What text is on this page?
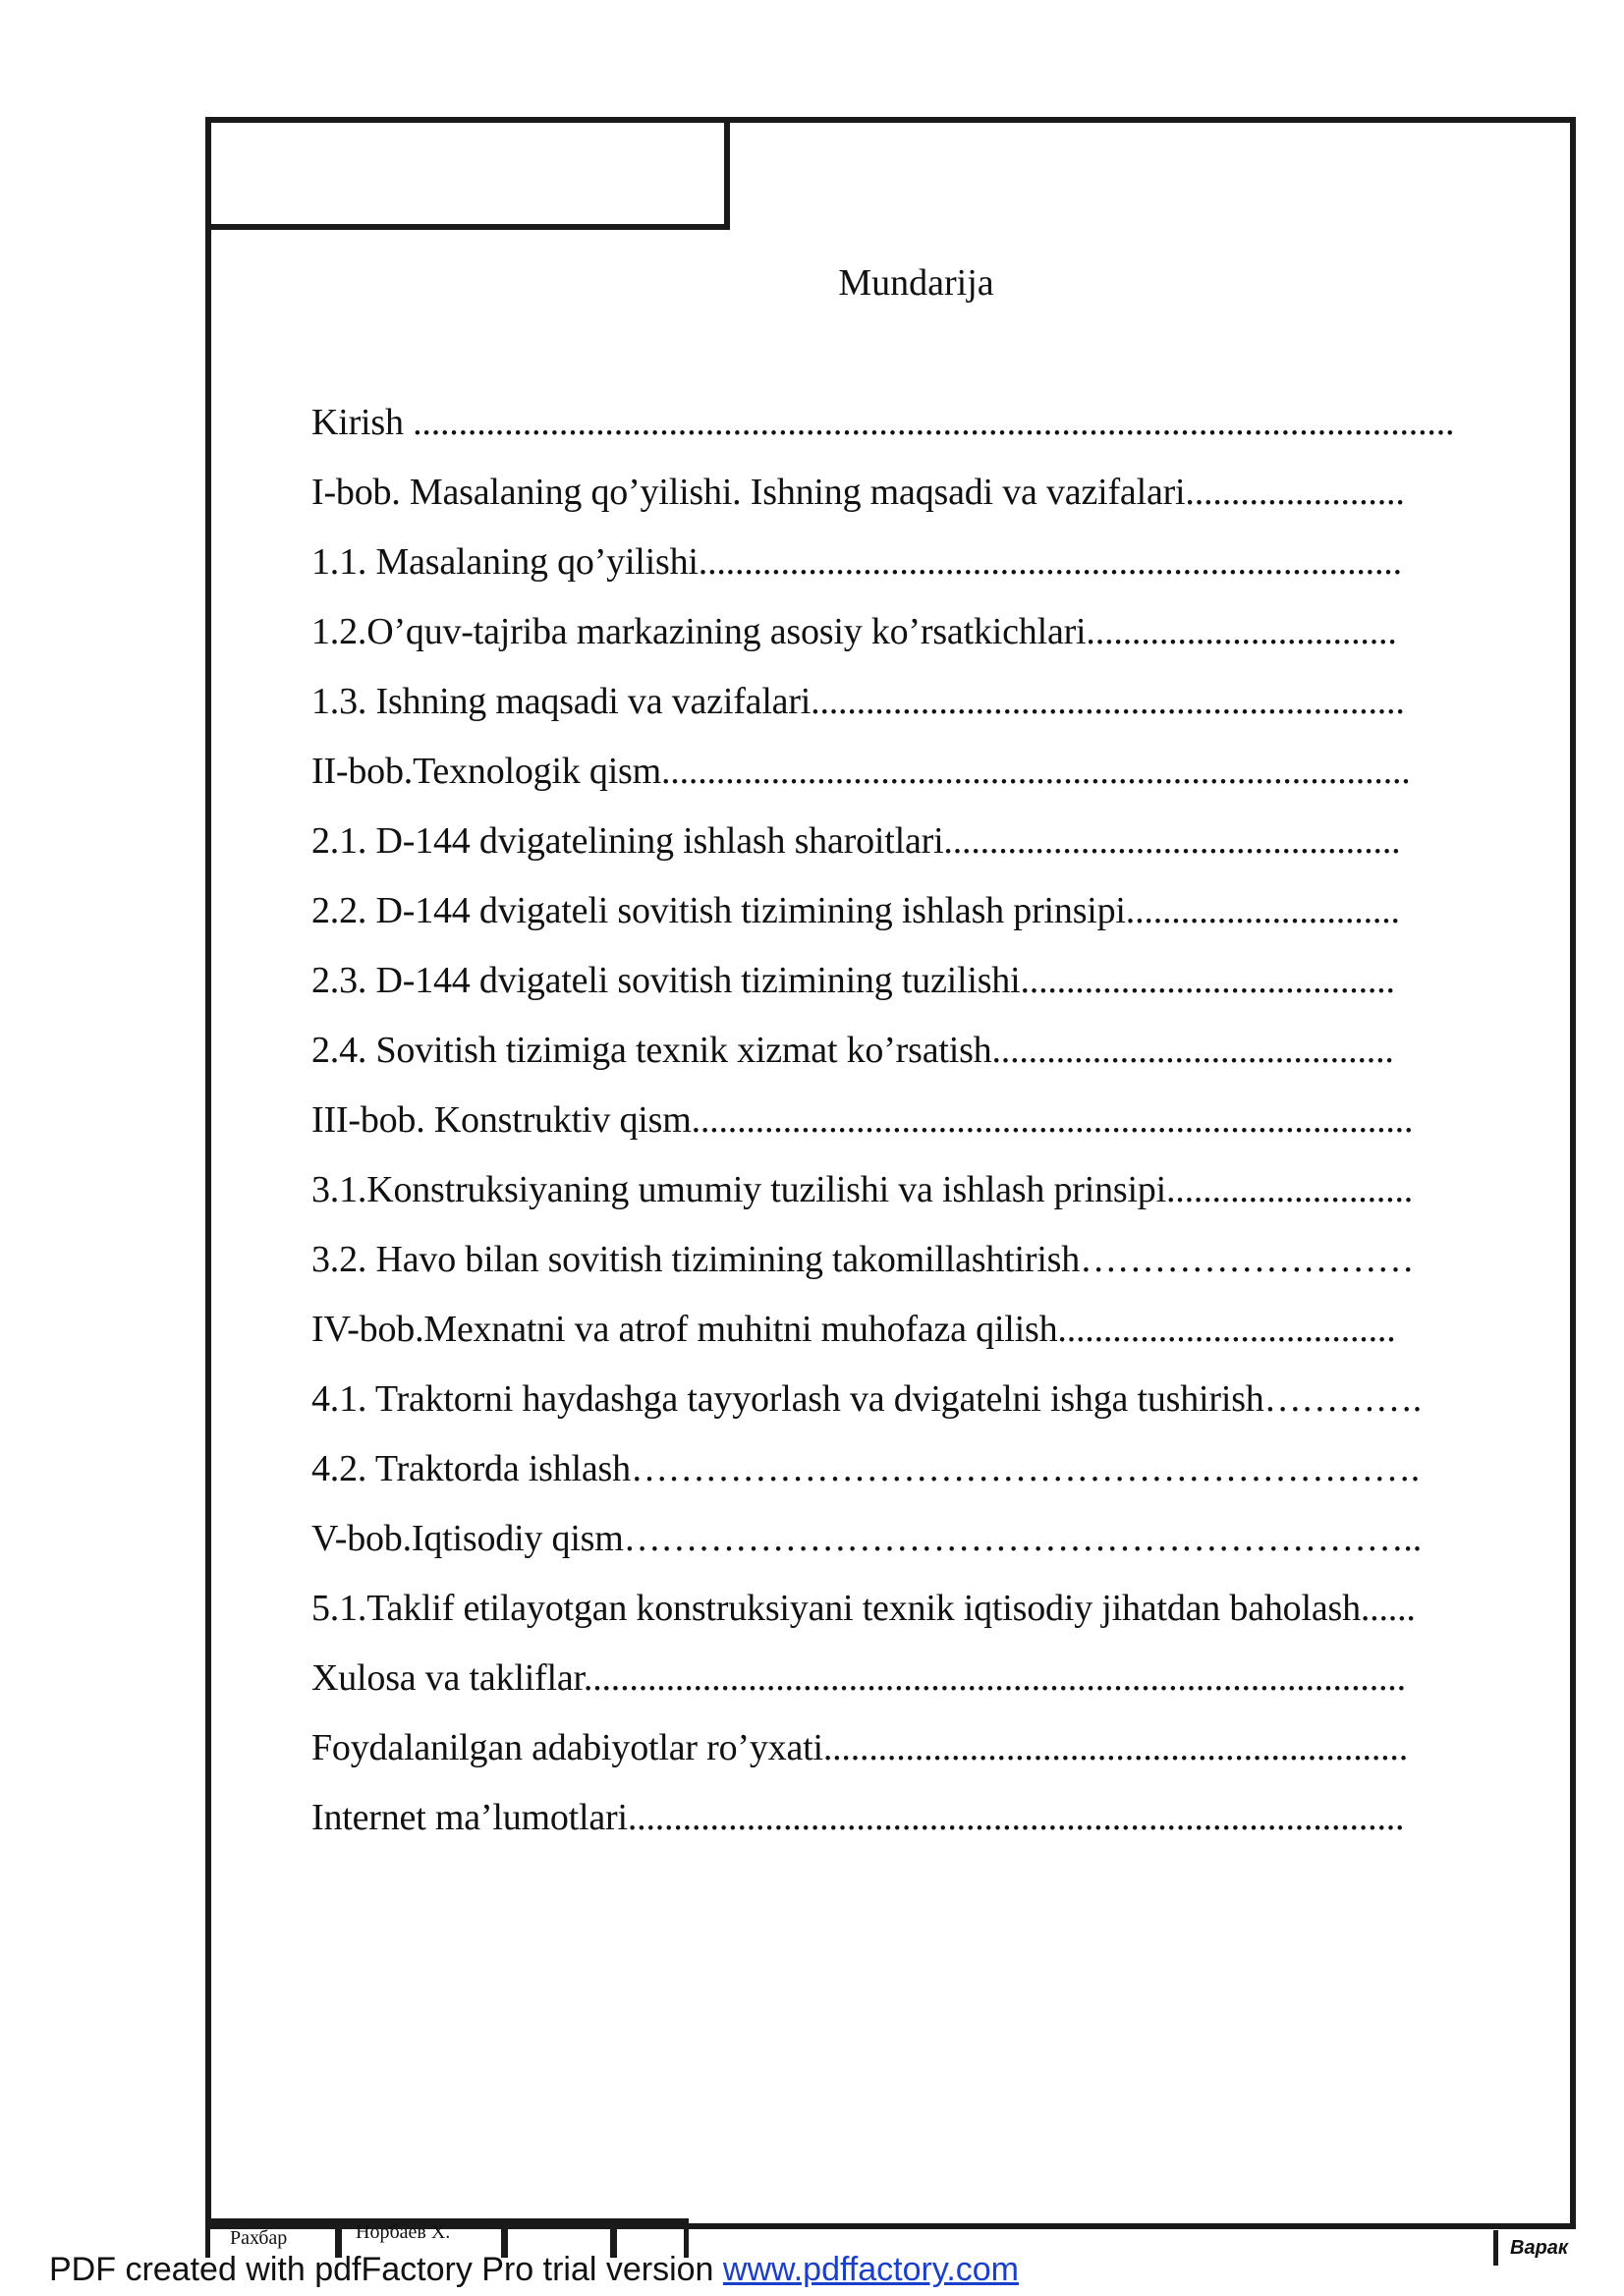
Mundarija
Kirish ..................................................................................................................
I-bob. Masalaning qo’yilishi. Ishning maqsadi va vazifalari........................
1.1. Masalaning qo’yilishi.............................................................................
1.2.O’quv-tajriba markazining asosiy ko’rsatkichlari..................................
1.3. Ishning maqsadi va vazifalari.................................................................
II-bob.Texnologik qism..................................................................................
2.1. D-144 dvigatelining ishlash sharoitlari..................................................
2.2. D-144 dvigateli sovitish tizimining ishlash prinsipi..............................
2.3. D-144 dvigateli sovitish tizimining tuzilishi.........................................
2.4. Sovitish tizimiga texnik xizmat ko’rsatish............................................
III-bob. Konstruktiv qism...............................................................................
3.1.Konstruksiyaning umumiy tuzilishi va ishlash prinsipi...........................
3.2. Havo bilan sovitish tizimining takomillashtirish………………………
IV-bob.Mexnatni va atrof muhitni muhofaza qilish.....................................
4.1. Traktorni haydashga tayyorlash va dvigatelni ishga tushirish………….
4.2. Traktorda ishlash……………………………………………………….
V-bob.Iqtisodiy qism………………………………………………………..
5.1.Taklif etilayotgan konstruksiyani texnik iqtisodiy jihatdan baholash......
Xulosa va takliflar..........................................................................................
Foydalanilgan adabiyotlar ro’yxati................................................................
Internet ma’lumotlari.....................................................................................
Рахбар	Норбаев Х.
Варак
PDF created with pdfFactory Pro trial version www.pdffactory.com
